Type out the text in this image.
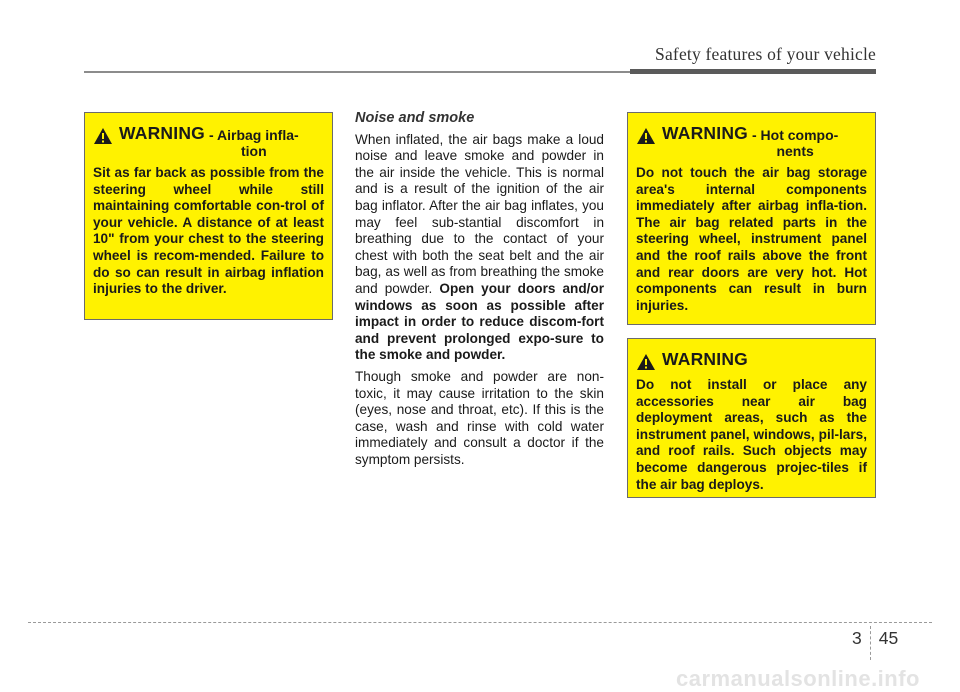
Safety features of your vehicle
WARNING - Airbag infla-
tion

Sit as far back as possible from the steering wheel while still maintaining comfortable con-trol of your vehicle. A distance of at least 10" from your chest to the steering wheel is recom-mended. Failure to do so can result in airbag inflation injuries to the driver.

Noise and smoke

When inflated, the air bags make a loud noise and leave smoke and powder in the air inside the vehicle. This is normal and is a result of the ignition of the air bag inflator. After the air bag inflates, you may feel sub-stantial discomfort in breathing due to the contact of your chest with both the seat belt and the air bag, as well as from breathing the smoke and powder. Open your doors and/or windows as soon as possible after impact in order to reduce discom-fort and prevent prolonged expo-sure to the smoke and powder.

Though smoke and powder are non-toxic, it may cause irritation to the skin (eyes, nose and throat, etc). If this is the case, wash and rinse with cold water immediately and consult a doctor if the symptom persists.

WARNING - Hot compo-
nents

Do not touch the air bag storage area's internal components immediately after airbag infla-tion. The air bag related parts in the steering wheel, instrument panel and the roof rails above the front and rear doors are very hot. Hot components can result in burn injuries.

WARNING

Do not install or place any accessories near air bag deployment areas, such as the instrument panel, windows, pil-lars, and roof rails. Such objects may become dangerous projec-tiles if the air bag deploys.

3 45
carmanualsonline.info
